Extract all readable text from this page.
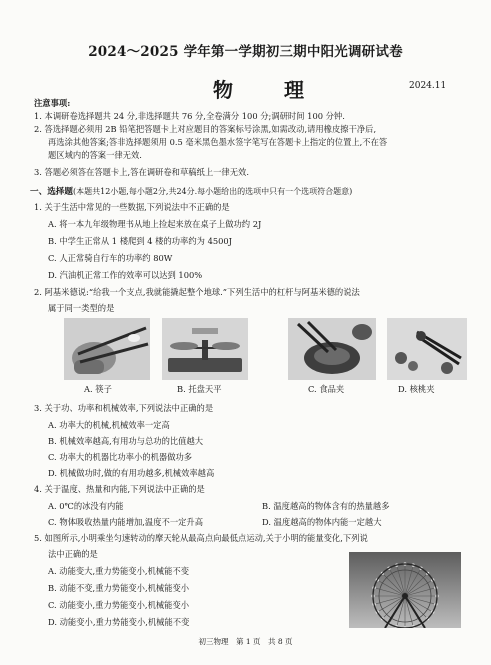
2024～2025 学年第一学期初三期中阳光调研试卷
物 理	2024.11
注意事项:
1. 本调研卷选择题共 24 分,非选择题共 76 分,全卷满分 100 分;调研时间 100 分钟.
2. 答选择题必须用 2B 铅笔把答题卡上对应题目的答案标号涂黑,如需改动,请用橡皮擦干净后,
再选涂其他答案;答非选择题须用 0.5 毫米黑色墨水签字笔写在答题卡上指定的位置上,不在答
题区域内的答案一律无效.
3. 答题必须答在答题卡上,答在调研卷和草稿纸上一律无效.
一、选择题(本题共12小题,每小题2分,共24分.每小题给出的选项中只有一个选项符合题意)
1. 关于生活中常见的一些数据,下列说法中不正确的是
A. 将一本九年级物理书从地上捡起来放在桌子上做功约 2J
B. 中学生正常从 1 楼爬到 4 楼的功率约为 4500J
C. 人正常骑自行车的功率约 80W
D. 汽油机正常工作的效率可以达到 100%
2. 阿基米德说:“给我一个支点,我就能撬起整个地球.”下列生活中的杠杆与阿基米德的说法
属于同一类型的是
A. 筷子	B. 托盘天平	C. 食品夹	D. 核桃夹
3. 关于功、功率和机械效率,下列说法中正确的是
A. 功率大的机械,机械效率一定高
B. 机械效率越高,有用功与总功的比值越大
C. 功率大的机器比功率小的机器做功多
D. 机械做功时,做的有用功越多,机械效率越高
4. 关于温度、热量和内能,下列说法中正确的是
A. 0℃的冰没有内能	B. 温度越高的物体含有的热量越多
C. 物体吸收热量内能增加,温度不一定升高	D. 温度越高的物体内能一定越大
5. 如图所示,小明乘坐匀速转动的摩天轮从最高点向最低点运动,关于小明的能量变化,下列说
法中正确的是
A. 动能变大,重力势能变小,机械能不变
B. 动能不变,重力势能变小,机械能变小
C. 动能变小,重力势能变小,机械能变小
D. 动能变小,重力势能变小,机械能不变
初三物理　第 1 页　共 8 页
